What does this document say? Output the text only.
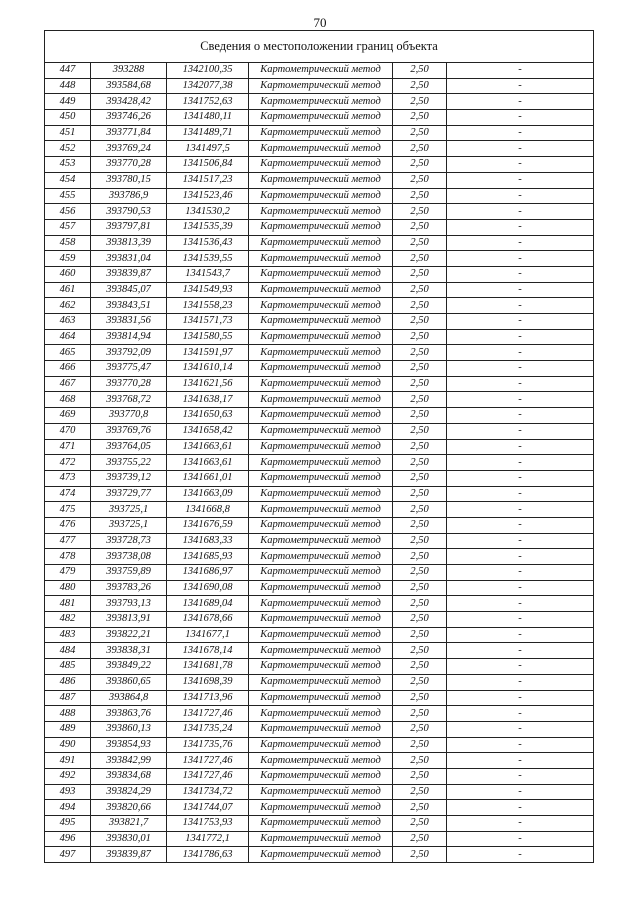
70
Сведения о местоположении границ объекта					
447	393288	1342100,35	Картометрический метод	2,50	-
448	393584,68	1342077,38	Картометрический метод	2,50	-
449	393428,42	1341752,63	Картометрический метод	2,50	-
450	393746,26	1341480,11	Картометрический метод	2,50	-
451	393771,84	1341489,71	Картометрический метод	2,50	-
452	393769,24	1341497,5	Картометрический метод	2,50	-
453	393770,28	1341506,84	Картометрический метод	2,50	-
454	393780,15	1341517,23	Картометрический метод	2,50	-
455	393786,9	1341523,46	Картометрический метод	2,50	-
456	393790,53	1341530,2	Картометрический метод	2,50	-
457	393797,81	1341535,39	Картометрический метод	2,50	-
458	393813,39	1341536,43	Картометрический метод	2,50	-
459	393831,04	1341539,55	Картометрический метод	2,50	-
460	393839,87	1341543,7	Картометрический метод	2,50	-
461	393845,07	1341549,93	Картометрический метод	2,50	-
462	393843,51	1341558,23	Картометрический метод	2,50	-
463	393831,56	1341571,73	Картометрический метод	2,50	-
464	393814,94	1341580,55	Картометрический метод	2,50	-
465	393792,09	1341591,97	Картометрический метод	2,50	-
466	393775,47	1341610,14	Картометрический метод	2,50	-
467	393770,28	1341621,56	Картометрический метод	2,50	-
468	393768,72	1341638,17	Картометрический метод	2,50	-
469	393770,8	1341650,63	Картометрический метод	2,50	-
470	393769,76	1341658,42	Картометрический метод	2,50	-
471	393764,05	1341663,61	Картометрический метод	2,50	-
472	393755,22	1341663,61	Картометрический метод	2,50	-
473	393739,12	1341661,01	Картометрический метод	2,50	-
474	393729,77	1341663,09	Картометрический метод	2,50	-
475	393725,1	1341668,8	Картометрический метод	2,50	-
476	393725,1	1341676,59	Картометрический метод	2,50	-
477	393728,73	1341683,33	Картометрический метод	2,50	-
478	393738,08	1341685,93	Картометрический метод	2,50	-
479	393759,89	1341686,97	Картометрический метод	2,50	-
480	393783,26	1341690,08	Картометрический метод	2,50	-
481	393793,13	1341689,04	Картометрический метод	2,50	-
482	393813,91	1341678,66	Картометрический метод	2,50	-
483	393822,21	1341677,1	Картометрический метод	2,50	-
484	393838,31	1341678,14	Картометрический метод	2,50	-
485	393849,22	1341681,78	Картометрический метод	2,50	-
486	393860,65	1341698,39	Картометрический метод	2,50	-
487	393864,8	1341713,96	Картометрический метод	2,50	-
488	393863,76	1341727,46	Картометрический метод	2,50	-
489	393860,13	1341735,24	Картометрический метод	2,50	-
490	393854,93	1341735,76	Картометрический метод	2,50	-
491	393842,99	1341727,46	Картометрический метод	2,50	-
492	393834,68	1341727,46	Картометрический метод	2,50	-
493	393824,29	1341734,72	Картометрический метод	2,50	-
494	393820,66	1341744,07	Картометрический метод	2,50	-
495	393821,7	1341753,93	Картометрический метод	2,50	-
496	393830,01	1341772,1	Картометрический метод	2,50	-
497	393839,87	1341786,63	Картометрический метод	2,50	-
